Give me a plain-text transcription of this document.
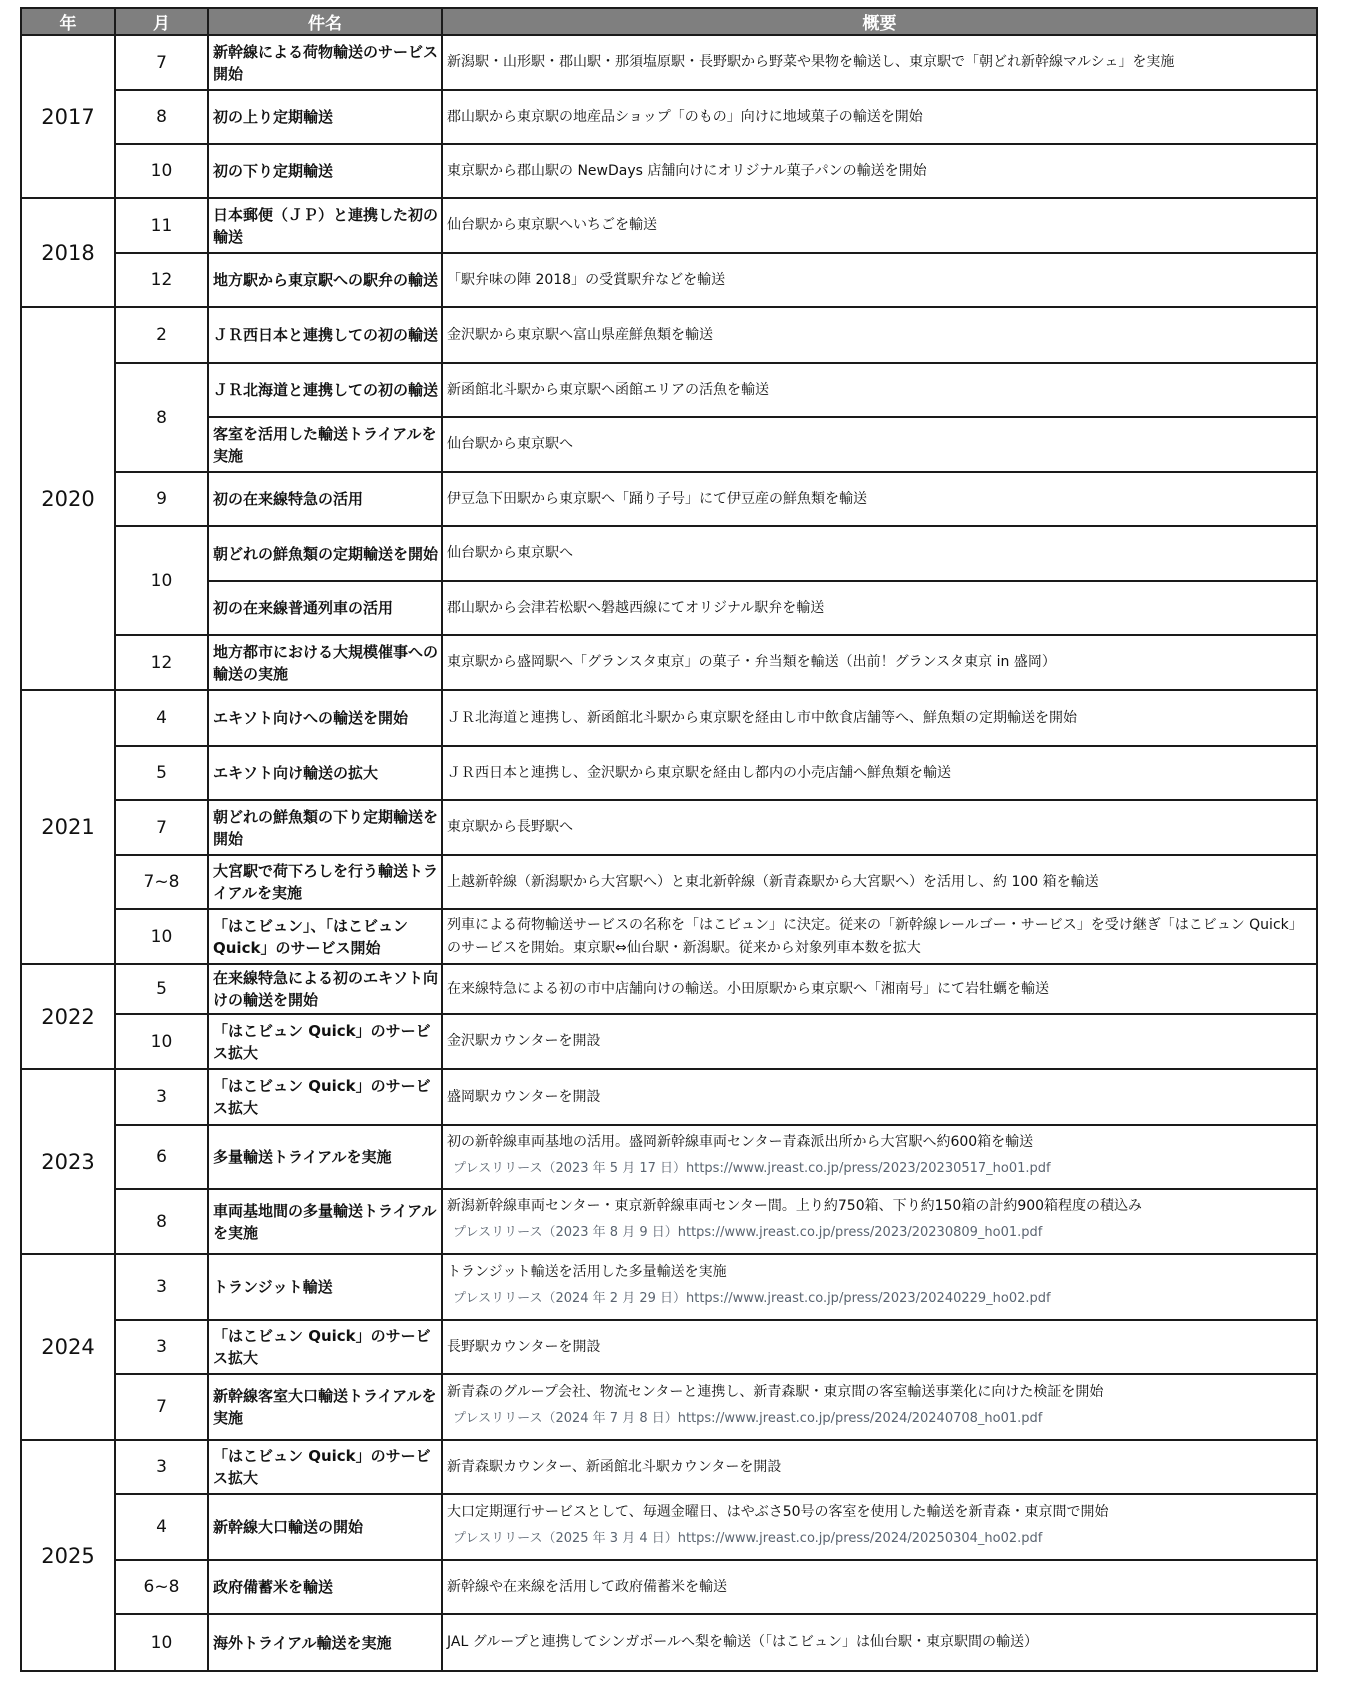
年	月	件名	概要
2017	7	新幹線による荷物輸送のサービス開始	新潟駅・山形駅・郡山駅・那須塩原駅・長野駅から野菜や果物を輸送し、東京駅で「朝どれ新幹線マルシェ」を実施

	8	初の上り定期輸送	郡山駅から東京駅の地産品ショップ「のもの」向けに地域菓子の輸送を開始

	10	初の下り定期輸送	東京駅から郡山駅の NewDays 店舗向けにオリジナル菓子パンの輸送を開始

2018	11	日本郵便（ＪＰ）と連携した初の輸送	仙台駅から東京駅へいちごを輸送

	12	地方駅から東京駅への駅弁の輸送	「駅弁味の陣 2018」の受賞駅弁などを輸送

2020	2	ＪＲ西日本と連携しての初の輸送	金沢駅から東京駅へ富山県産鮮魚類を輸送

	8	ＪＲ北海道と連携しての初の輸送	新函館北斗駅から東京駅へ函館エリアの活魚を輸送

		客室を活用した輸送トライアルを実施	仙台駅から東京駅へ

	9	初の在来線特急の活用	伊豆急下田駅から東京駅へ「踊り子号」にて伊豆産の鮮魚類を輸送

	10	朝どれの鮮魚類の定期輸送を開始	仙台駅から東京駅へ

		初の在来線普通列車の活用	郡山駅から会津若松駅へ磐越西線にてオリジナル駅弁を輸送

	12	地方都市における大規模催事への輸送の実施	東京駅から盛岡駅へ「グランスタ東京」の菓子・弁当類を輸送（出前！グランスタ東京 in 盛岡）

2021	4	エキソト向けへの輸送を開始	ＪＲ北海道と連携し、新函館北斗駅から東京駅を経由し市中飲食店舗等へ、鮮魚類の定期輸送を開始

	5	エキソト向け輸送の拡大	ＪＲ西日本と連携し、金沢駅から東京駅を経由し都内の小売店舗へ鮮魚類を輸送

	7	朝どれの鮮魚類の下り定期輸送を開始	東京駅から長野駅へ

	7~8	大宮駅で荷下ろしを行う輸送トライアルを実施	上越新幹線（新潟駅から大宮駅へ）と東北新幹線（新青森駅から大宮駅へ）を活用し、約 100 箱を輸送

	10	「はこビュン」、「はこビュン Quick」のサービス開始	列車による荷物輸送サービスの名称を「はこビュン」に決定。従来の「新幹線レールゴー・サービス」を受け継ぎ「はこビュン Quick」のサービスを開始。東京駅⇔仙台駅・新潟駅。従来から対象列車本数を拡大

2022	5	在来線特急による初のエキソト向けの輸送を開始	在来線特急による初の市中店舗向けの輸送。小田原駅から東京駅へ「湘南号」にて岩牡蠣を輸送

	10	「はこビュン Quick」のサービス拡大	金沢駅カウンターを開設

2023	3	「はこビュン Quick」のサービス拡大	盛岡駅カウンターを開設

	6	多量輸送トライアルを実施	初の新幹線車両基地の活用。盛岡新幹線車両センター青森派出所から大宮駅へ約600箱を輸送
プレスリリース（2023 年 5 月 17 日）https://www.jreast.co.jp/press/2023/20230517_ho01.pdf

	8	車両基地間の多量輸送トライアルを実施	新潟新幹線車両センター・東京新幹線車両センター間。上り約750箱、下り約150箱の計約900箱程度の積込み
プレスリリース（2023 年 8 月 9 日）https://www.jreast.co.jp/press/2023/20230809_ho01.pdf

2024	3	トランジット輸送	トランジット輸送を活用した多量輸送を実施
プレスリリース（2024 年 2 月 29 日）https://www.jreast.co.jp/press/2023/20240229_ho02.pdf

	3	「はこビュン Quick」のサービス拡大	長野駅カウンターを開設

	7	新幹線客室大口輸送トライアルを実施	新青森のグループ会社、物流センターと連携し、新青森駅・東京間の客室輸送事業化に向けた検証を開始
プレスリリース（2024 年 7 月 8 日）https://www.jreast.co.jp/press/2024/20240708_ho01.pdf

2025	3	「はこビュン Quick」のサービス拡大	新青森駅カウンター、新函館北斗駅カウンターを開設

	4	新幹線大口輸送の開始	大口定期運行サービスとして、毎週金曜日、はやぶさ50号の客室を使用した輸送を新青森・東京間で開始
プレスリリース（2025 年 3 月 4 日）https://www.jreast.co.jp/press/2024/20250304_ho02.pdf

	6~8	政府備蓄米を輸送	新幹線や在来線を活用して政府備蓄米を輸送

	10	海外トライアル輸送を実施	JAL グループと連携してシンガポールへ梨を輸送（「はこビュン」は仙台駅・東京駅間の輸送）
